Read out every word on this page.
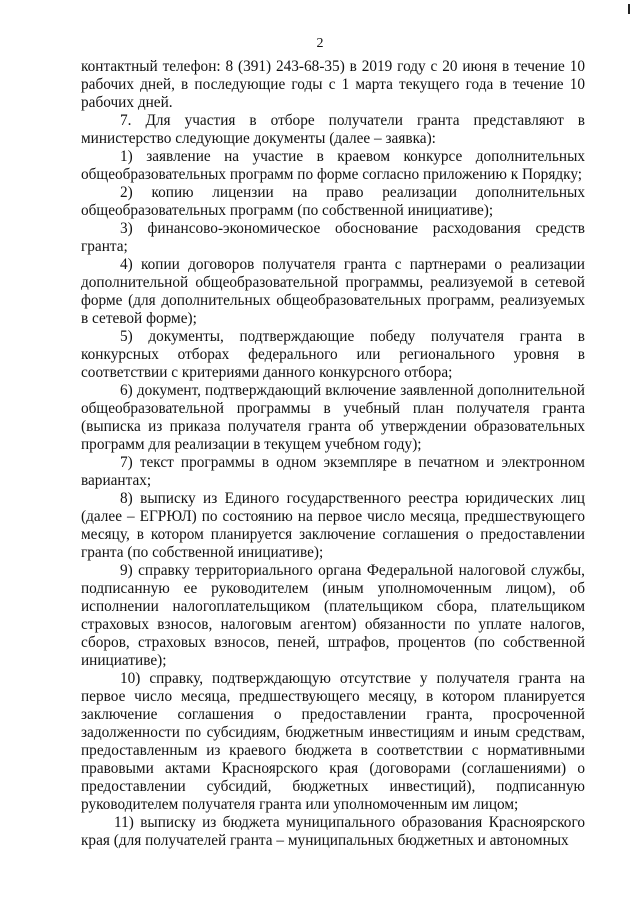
2

контактный телефон: 8 (391) 243-68-35) в 2019 году с 20 июня в течение 10 рабочих дней, в последующие годы с 1 марта текущего года в течение 10 рабочих дней.

7. Для участия в отборе получатели гранта представляют в министерство следующие документы (далее – заявка):

1) заявление на участие в краевом конкурсе дополнительных общеобразовательных программ по форме согласно приложению к Порядку;

2) копию лицензии на право реализации дополнительных общеобразовательных программ (по собственной инициативе);

3) финансово-экономическое обоснование расходования средств гранта;

4) копии договоров получателя гранта с партнерами о реализации дополнительной общеобразовательной программы, реализуемой в сетевой форме (для дополнительных общеобразовательных программ, реализуемых в сетевой форме);

5) документы, подтверждающие победу получателя гранта в конкурсных отборах федерального или регионального уровня в соответствии с критериями данного конкурсного отбора;

6) документ, подтверждающий включение заявленной дополнительной общеобразовательной программы в учебный план получателя гранта (выписка из приказа получателя гранта об утверждении образовательных программ для реализации в текущем учебном году);

7) текст программы в одном экземпляре в печатном и электронном вариантах;

8) выписку из Единого государственного реестра юридических лиц (далее – ЕГРЮЛ) по состоянию на первое число месяца, предшествующего месяцу, в котором планируется заключение соглашения о предоставлении гранта (по собственной инициативе);

9) справку территориального органа Федеральной налоговой службы, подписанную ее руководителем (иным уполномоченным лицом), об исполнении налогоплательщиком (плательщиком сбора, плательщиком страховых взносов, налоговым агентом) обязанности по уплате налогов, сборов, страховых взносов, пеней, штрафов, процентов (по собственной инициативе);

10) справку, подтверждающую отсутствие у получателя гранта на первое число месяца, предшествующего месяцу, в котором планируется заключение соглашения о предоставлении гранта, просроченной задолженности по субсидиям, бюджетным инвестициям и иным средствам, предоставленным из краевого бюджета в соответствии с нормативными правовыми актами Красноярского края (договорами (соглашениями) о предоставлении субсидий, бюджетных инвестиций), подписанную руководителем получателя гранта или уполномоченным им лицом;

11) выписку из бюджета муниципального образования Красноярского края (для получателей гранта – муниципальных бюджетных и автономных
